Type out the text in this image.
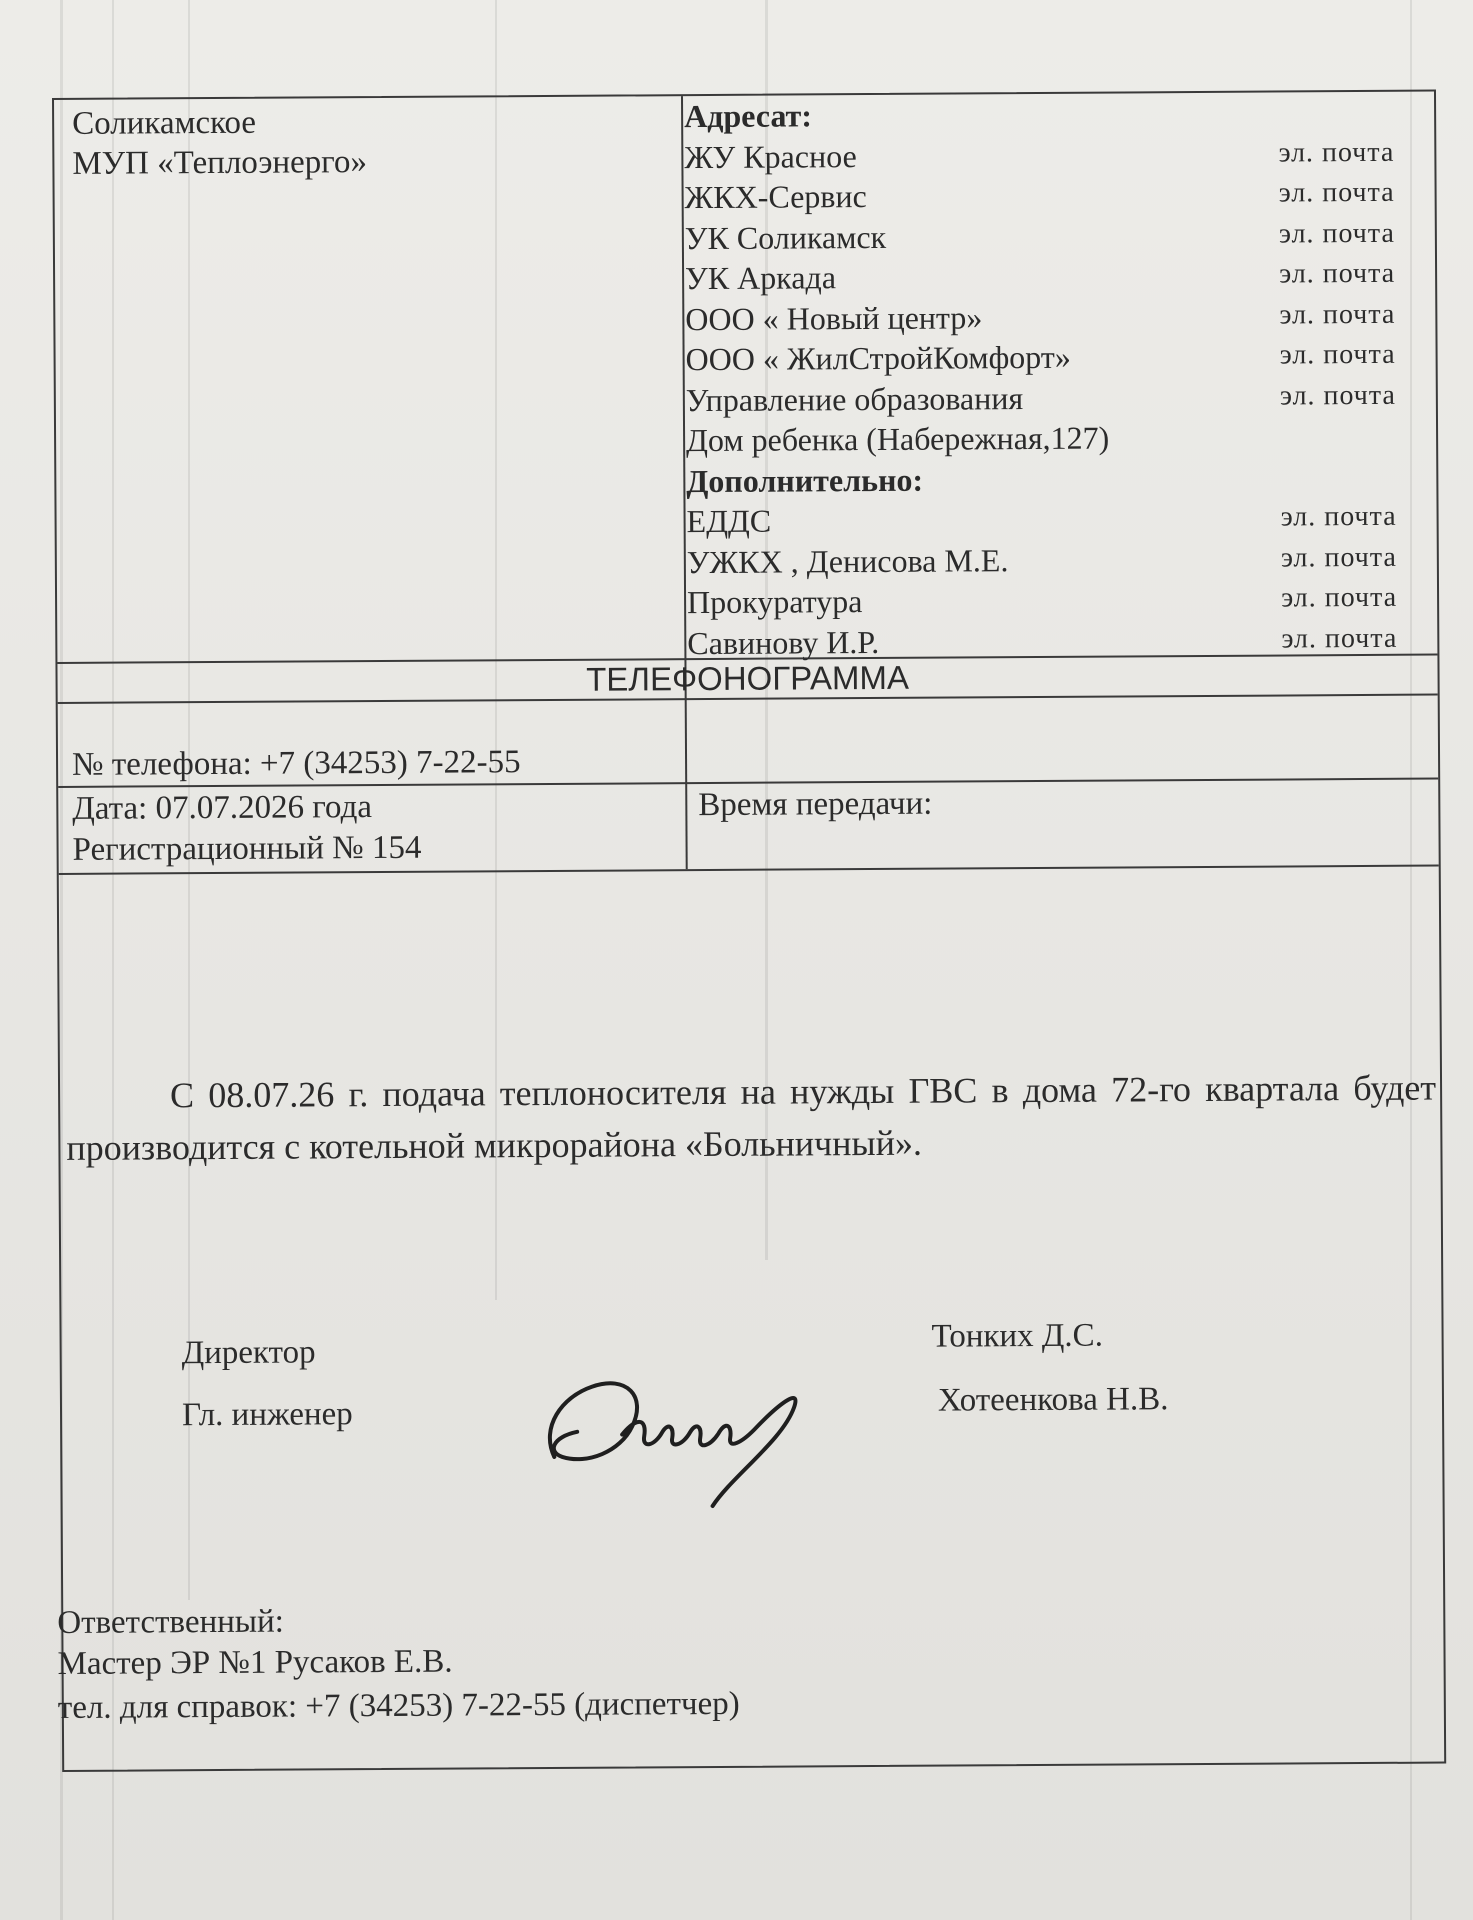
Соликамское
МУП «Теплоэнерго»
Адресат:
ЖУ Красное	эл. почта
ЖКХ-Сервис	эл. почта
УК Соликамск	эл. почта
УК Аркада	эл. почта
ООО « Новый центр»	эл. почта
ООО « ЖилСтройКомфорт»	эл. почта
Управление образования	эл. почта
Дом ребенка (Набережная,127)
Дополнительно:
ЕДДС	эл. почта
УЖКХ , Денисова М.Е.	эл. почта
Прокуратура	эл. почта
Савинову И.Р.	эл. почта
ТЕЛЕФОНОГРАММА
№ телефона: +7 (34253) 7-22-55
Дата: 07.07.2026 года
Регистрационный № 154
Время передачи:
С 08.07.26 г. подача теплоносителя на нужды ГВС в дома 72-го квартала будет производится с котельной микрорайона «Больничный».
Директор	Тонких Д.С.
Гл. инженер	Хотеенкова Н.В.
Ответственный:
Мастер ЭР №1 Русаков Е.В.
тел. для справок: +7 (34253) 7-22-55 (диспетчер)
